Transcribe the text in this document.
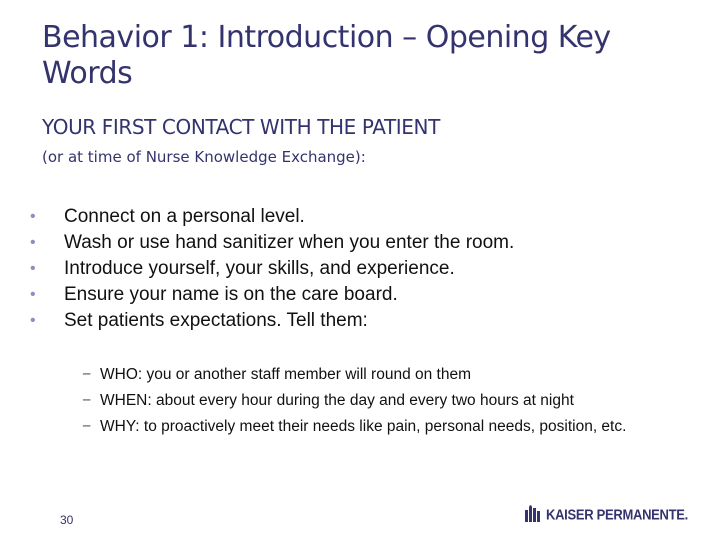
Behavior 1: Introduction – Opening Key Words
YOUR FIRST CONTACT WITH THE PATIENT
(or at time of Nurse Knowledge Exchange):
• Connect on a personal level.
• Wash or use hand sanitizer when you enter the room.
• Introduce yourself, your skills, and experience.
• Ensure your name is on the care board.
• Set patients expectations. Tell them:
− WHO: you or another staff member will round on them
− WHEN: about every hour during the day and every two hours at night
− WHY: to proactively meet their needs like pain, personal needs, position, etc.
30	KAISER PERMANENTE.
